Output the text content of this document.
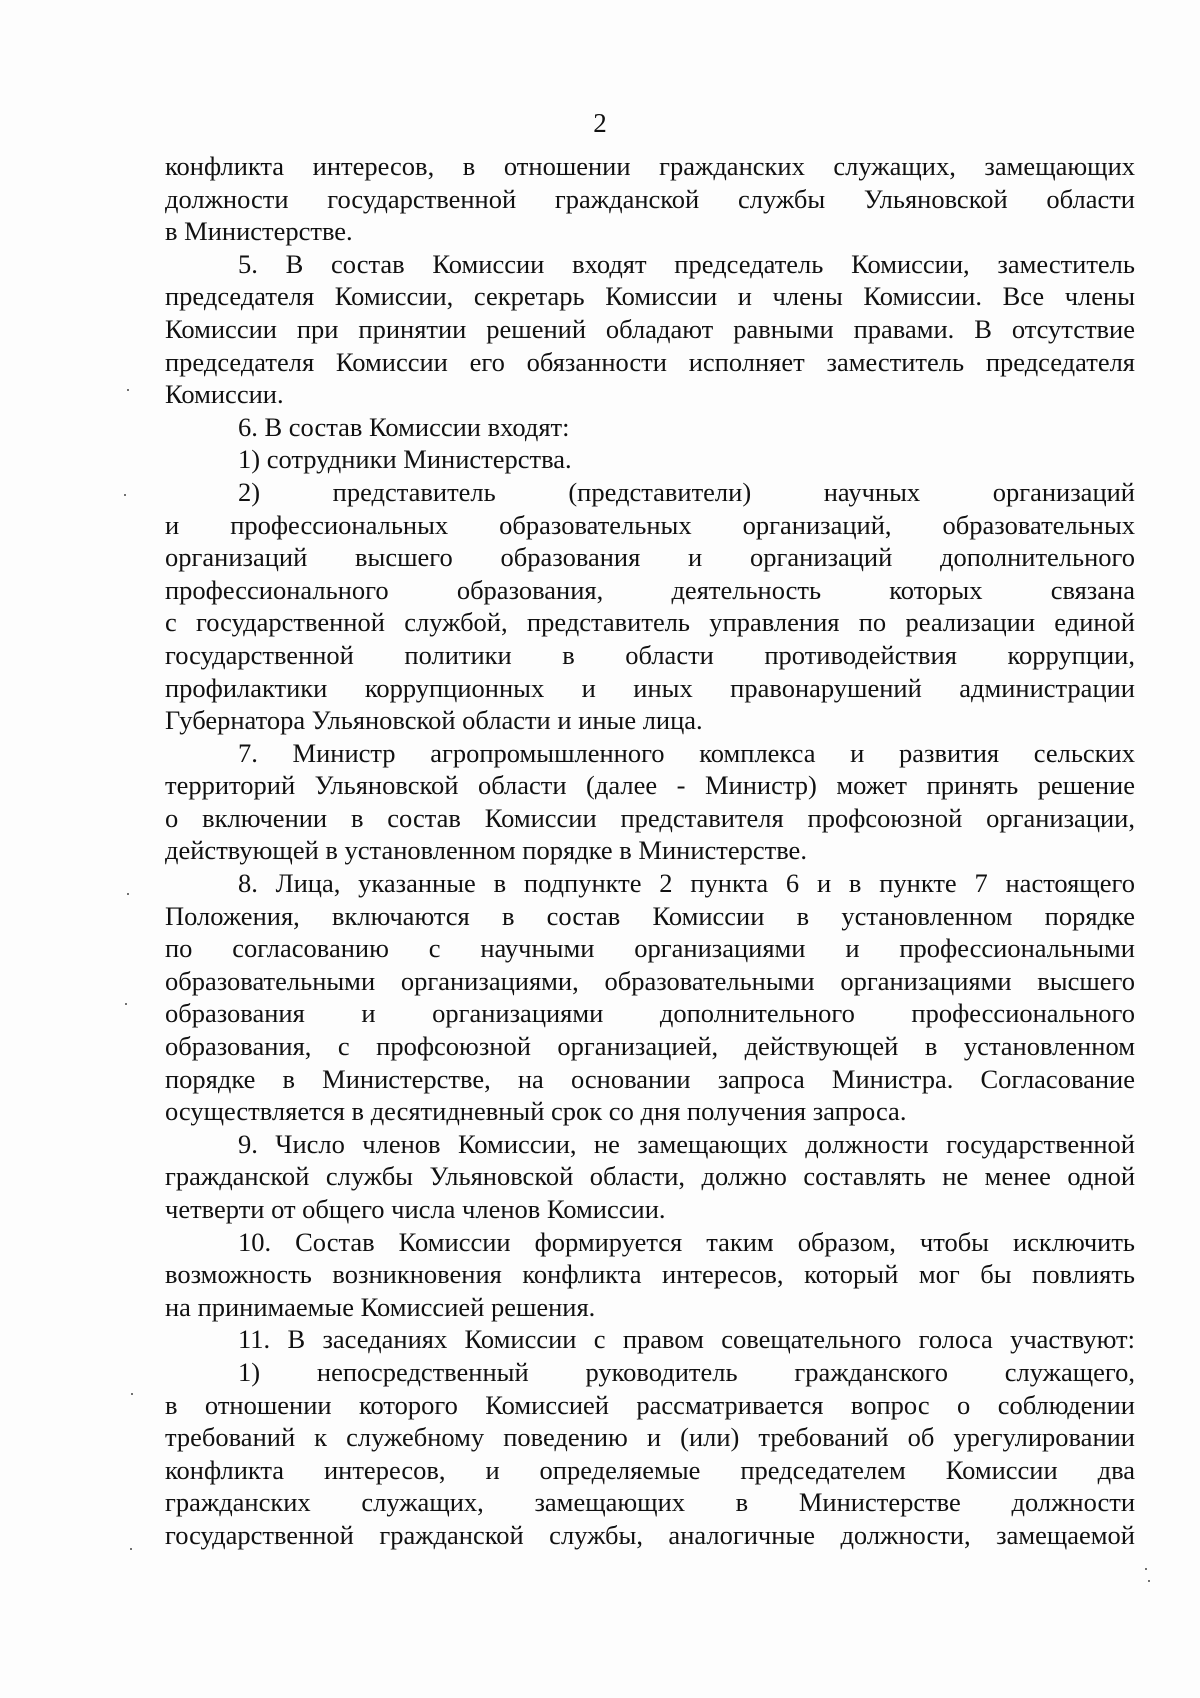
2
конфликта интересов, в отношении гражданских служащих, замещающих
должности государственной гражданской службы Ульяновской области
в Министерстве.
5. В состав Комиссии входят председатель Комиссии, заместитель
председателя Комиссии, секретарь Комиссии и члены Комиссии. Все члены
Комиссии при принятии решений обладают равными правами. В отсутствие
председателя Комиссии его обязанности исполняет заместитель председателя
Комиссии.
6. В состав Комиссии входят:
1) сотрудники Министерства.
2) представитель (представители) научных организаций
и профессиональных образовательных организаций, образовательных
организаций высшего образования и организаций дополнительного
профессионального образования, деятельность которых связана
с государственной службой, представитель управления по реализации единой
государственной политики в области противодействия коррупции,
профилактики коррупционных и иных правонарушений администрации
Губернатора Ульяновской области и иные лица.
7. Министр агропромышленного комплекса и развития сельских
территорий Ульяновской области (далее - Министр) может принять решение
о включении в состав Комиссии представителя профсоюзной организации,
действующей в установленном порядке в Министерстве.
8. Лица, указанные в подпункте 2 пункта 6 и в пункте 7 настоящего
Положения, включаются в состав Комиссии в установленном порядке
по согласованию с научными организациями и профессиональными
образовательными организациями, образовательными организациями высшего
образования и организациями дополнительного профессионального
образования, с профсоюзной организацией, действующей в установленном
порядке в Министерстве, на основании запроса Министра. Согласование
осуществляется в десятидневный срок со дня получения запроса.
9. Число членов Комиссии, не замещающих должности государственной
гражданской службы Ульяновской области, должно составлять не менее одной
четверти от общего числа членов Комиссии.
10. Состав Комиссии формируется таким образом, чтобы исключить
возможность возникновения конфликта интересов, который мог бы повлиять
на принимаемые Комиссией решения.
11. В заседаниях Комиссии с правом совещательного голоса участвуют:
1) непосредственный руководитель гражданского служащего,
в отношении которого Комиссией рассматривается вопрос о соблюдении
требований к служебному поведению и (или) требований об урегулировании
конфликта интересов, и определяемые председателем Комиссии два
гражданских служащих, замещающих в Министерстве должности
государственной гражданской службы, аналогичные должности, замещаемой
